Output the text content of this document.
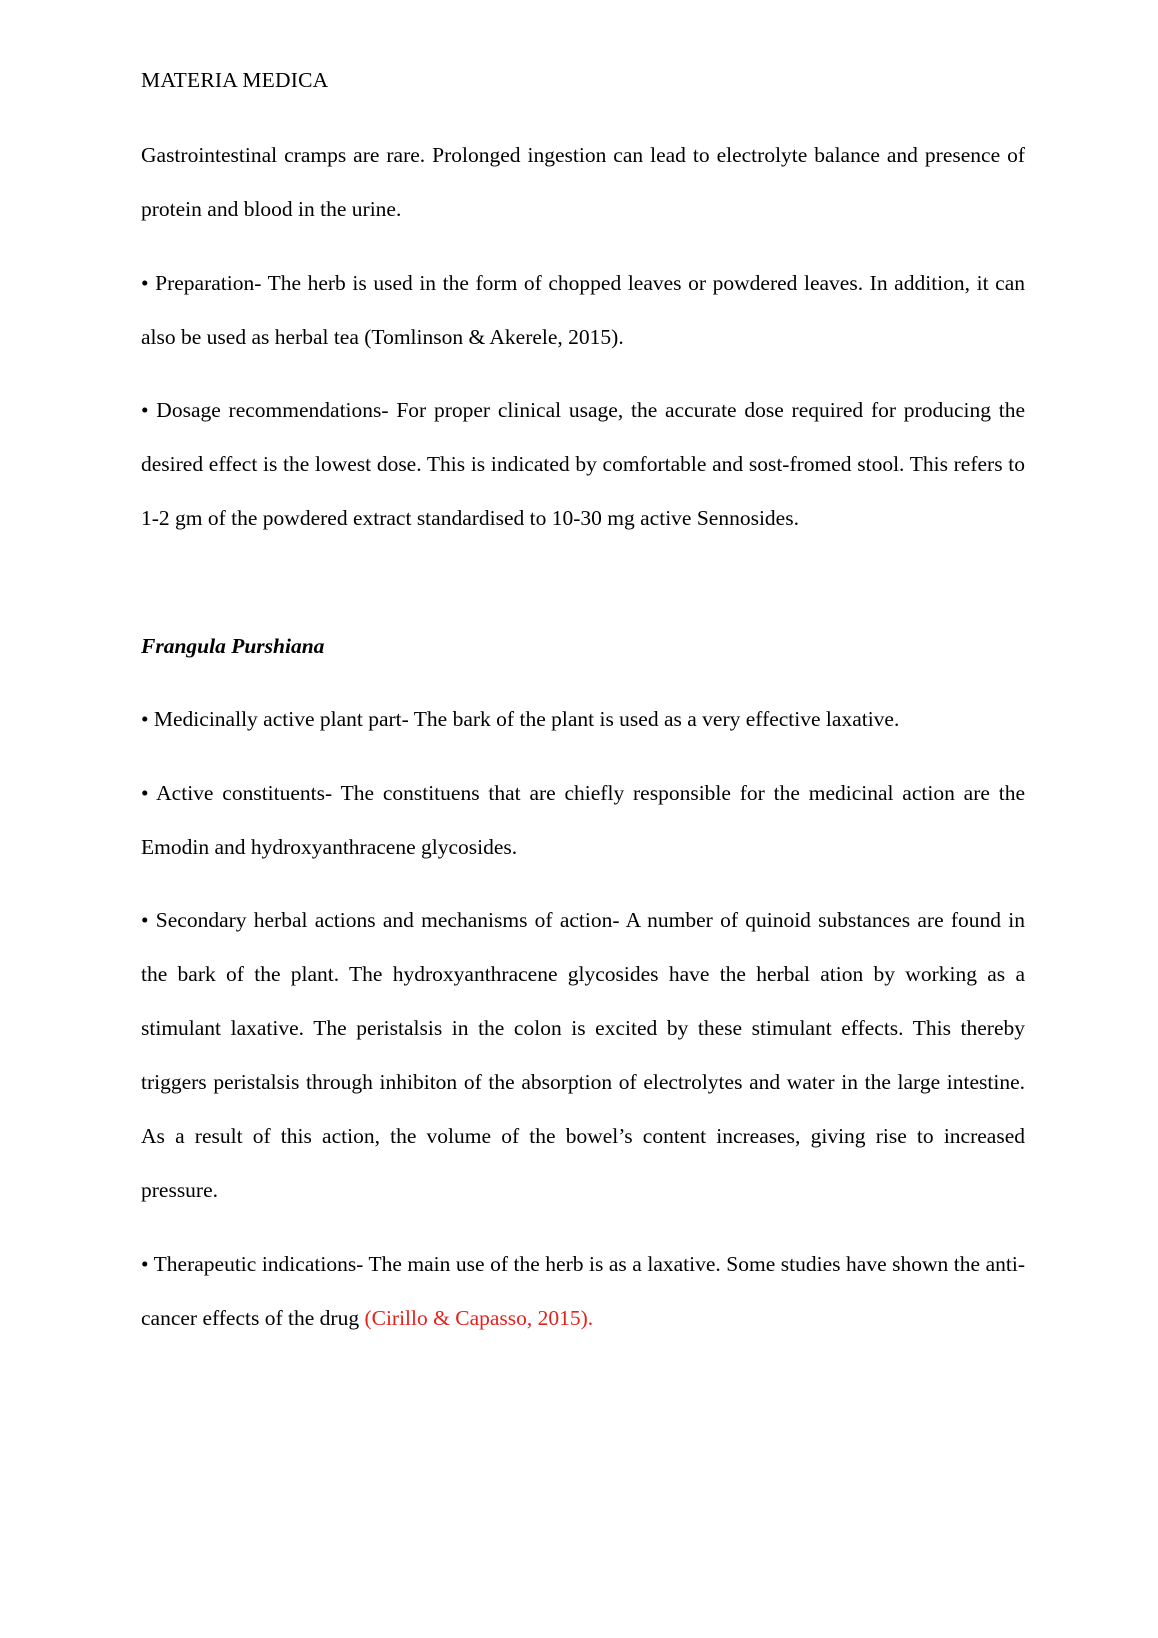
MATERIA MEDICA

Gastrointestinal cramps are rare. Prolonged ingestion can lead to electrolyte balance and presence of protein and blood in the urine.

• Preparation- The herb is used in the form of chopped leaves or powdered leaves. In addition, it can also be used as herbal tea (Tomlinson & Akerele, 2015).

• Dosage recommendations- For proper clinical usage, the accurate dose required for producing the desired effect is the lowest dose. This is indicated by comfortable and sost-fromed stool. This refers to 1-2 gm of the powdered extract standardised to 10-30 mg active Sennosides.

Frangula Purshiana

• Medicinally active plant part- The bark of the plant is used as a very effective laxative.

• Active constituents- The constituens that are chiefly responsible for the medicinal action are the Emodin and hydroxyanthracene glycosides.

• Secondary herbal actions and mechanisms of action- A number of quinoid substances are found in the bark of the plant. The hydroxyanthracene glycosides have the herbal ation by working as a stimulant laxative. The peristalsis in the colon is excited by these stimulant effects. This thereby triggers peristalsis through inhibiton of the absorption of electrolytes and water in the large intestine. As a result of this action, the volume of the bowel’s content increases, giving rise to increased pressure.

• Therapeutic indications- The main use of the herb is as a laxative. Some studies have shown the anti-cancer effects of the drug (Cirillo & Capasso, 2015).
